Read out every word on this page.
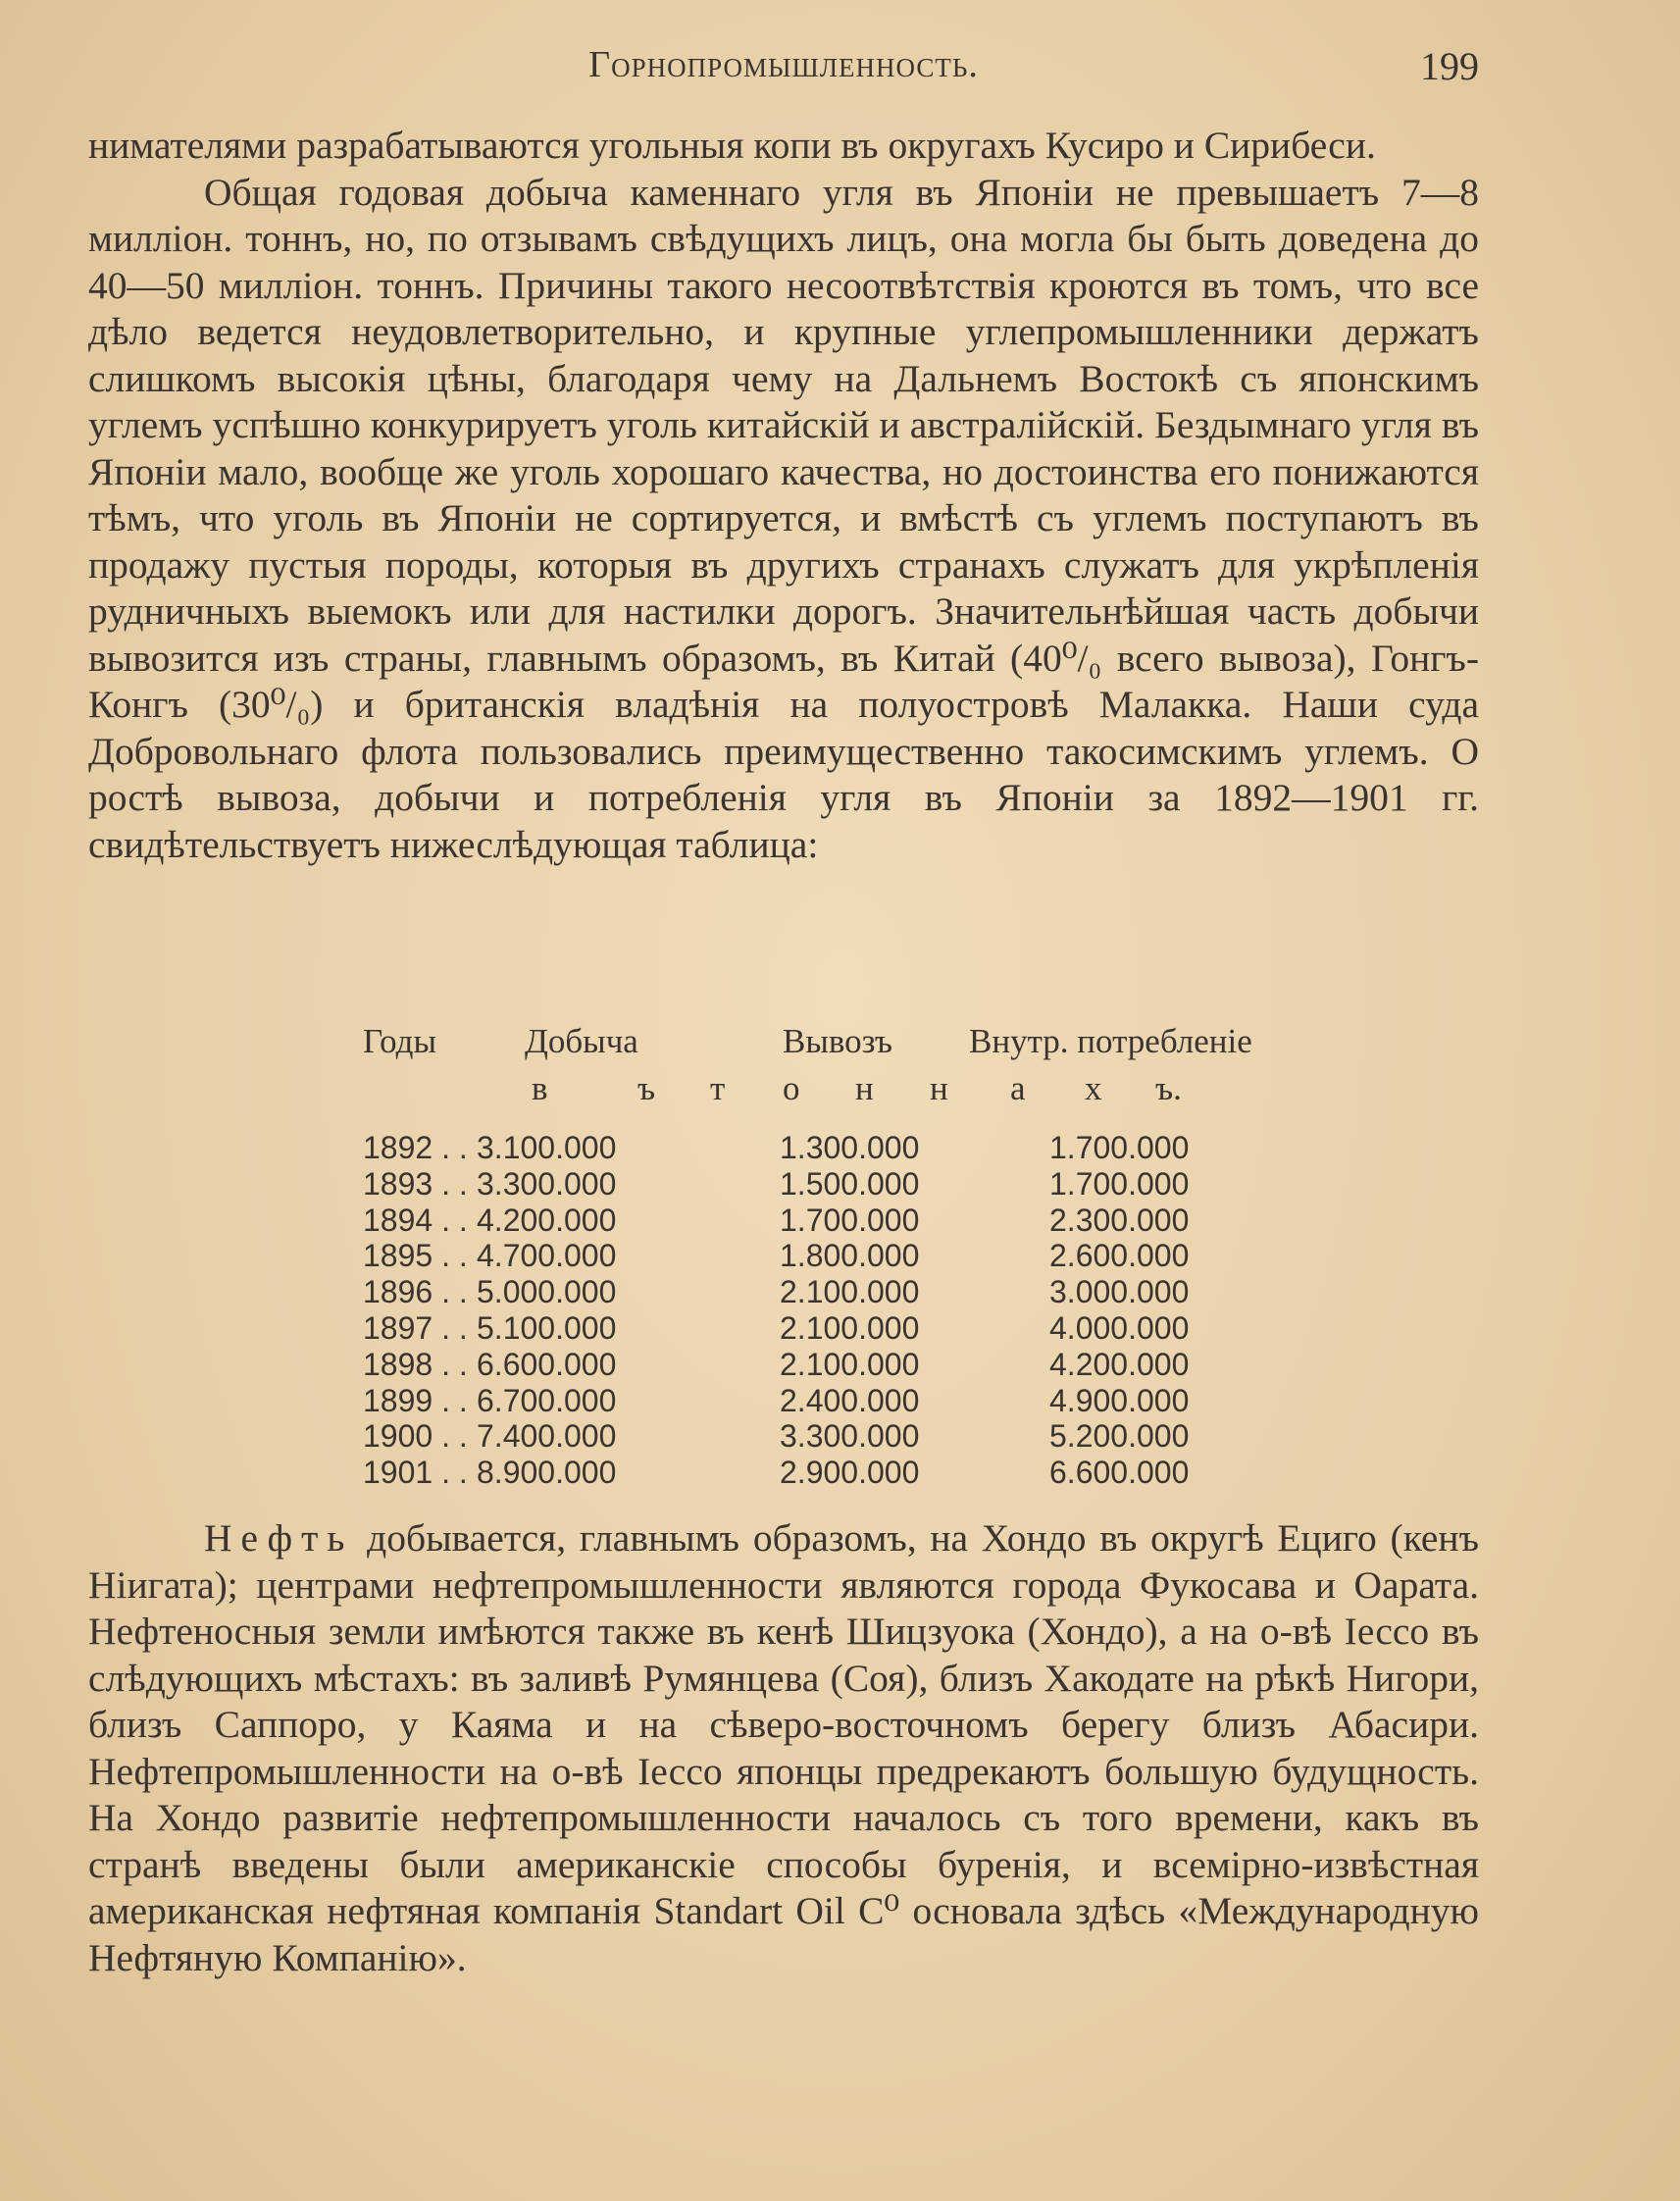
Горнопромышленность.	199

нимателями разрабатываются угольныя копи въ округахъ Кусиро и Сирибеси.

Общая годовая добыча каменнаго угля въ Японіи не превышаетъ 7—8 милліон. тоннъ, но, по отзывамъ свѣдущихъ лицъ, она могла бы быть доведена до 40—50 милліон. тоннъ. Причины такого несоотвѣтствія кроются въ томъ, что все дѣло ведется неудовлетворительно, и крупные углепромышленники держатъ слишкомъ высокія цѣны, благодаря чему на Дальнемъ Востокѣ съ японскимъ углемъ успѣшно конкурируетъ уголь китайскій и австралійскій. Бездымнаго угля въ Японіи мало, вообще же уголь хорошаго качества, но достоинства его понижаются тѣмъ, что уголь въ Японіи не сортируется, и вмѣстѣ съ углемъ поступаютъ въ продажу пустыя породы, которыя въ другихъ странахъ служатъ для укрѣпленія рудничныхъ выемокъ или для настилки дорогъ. Значительнѣйшая часть добычи вывозится изъ страны, главнымъ образомъ, въ Китай (40⁰/₀ всего вывоза), Гонгъ-Конгъ (30⁰/₀) и британскія владѣнія на полуостровѣ Малакка. Наши суда Добровольнаго флота пользовались преимущественно такосимскимъ углемъ. О ростѣ вывоза, добычи и потребленія угля въ Японіи за 1892—1901 гг. свидѣтельствуетъ нижеслѣдующая таблица:

Годы	Добыча	Вывозъ Внутр. потребленіе
в	ъ т о н н а х ъ.
1892 . . 3.100.000	1.300.000	1.700.000
1893 . . 3.300.000	1.500.000	1.700.000
1894 . . 4.200.000	1.700.000	2.300.000
1895 . . 4.700.000	1.800.000	2.600.000
1896 . . 5.000.000	2.100.000	3.000.000
1897 . . 5.100.000	2.100.000	4.000.000
1898 . . 6.600.000	2.100.000	4.200.000
1899 . . 6.700.000	2.400.000	4.900.000
1900 . . 7.400.000	3.300.000	5.200.000
1901 . . 8.900.000	2.900.000	6.600.000

Нефть добывается, главнымъ образомъ, на Хондо въ округѣ Ециго (кенъ Ніигата); центрами нефтепромышленности являются города Фукосава и Оарата. Нефтеносныя земли имѣются также въ кенѣ Шицзуока (Хондо), а на о-вѣ Іессо въ слѣдующихъ мѣстахъ: въ заливѣ Румянцева (Соя), близъ Хакодате на рѣкѣ Нигори, близъ Саппоро, у Каяма и на сѣверо-восточномъ берегу близъ Абасири. Нефтепромышленности на о-вѣ Іессо японцы предрекаютъ большую будущность. На Хондо развитіе нефтепромышленности началось съ того времени, какъ въ странѣ введены были американскіе способы буренія, и всемірно-извѣстная американская нефтяная компанія Standart Oil C⁰ основала здѣсь «Международную Нефтяную Компанію».
